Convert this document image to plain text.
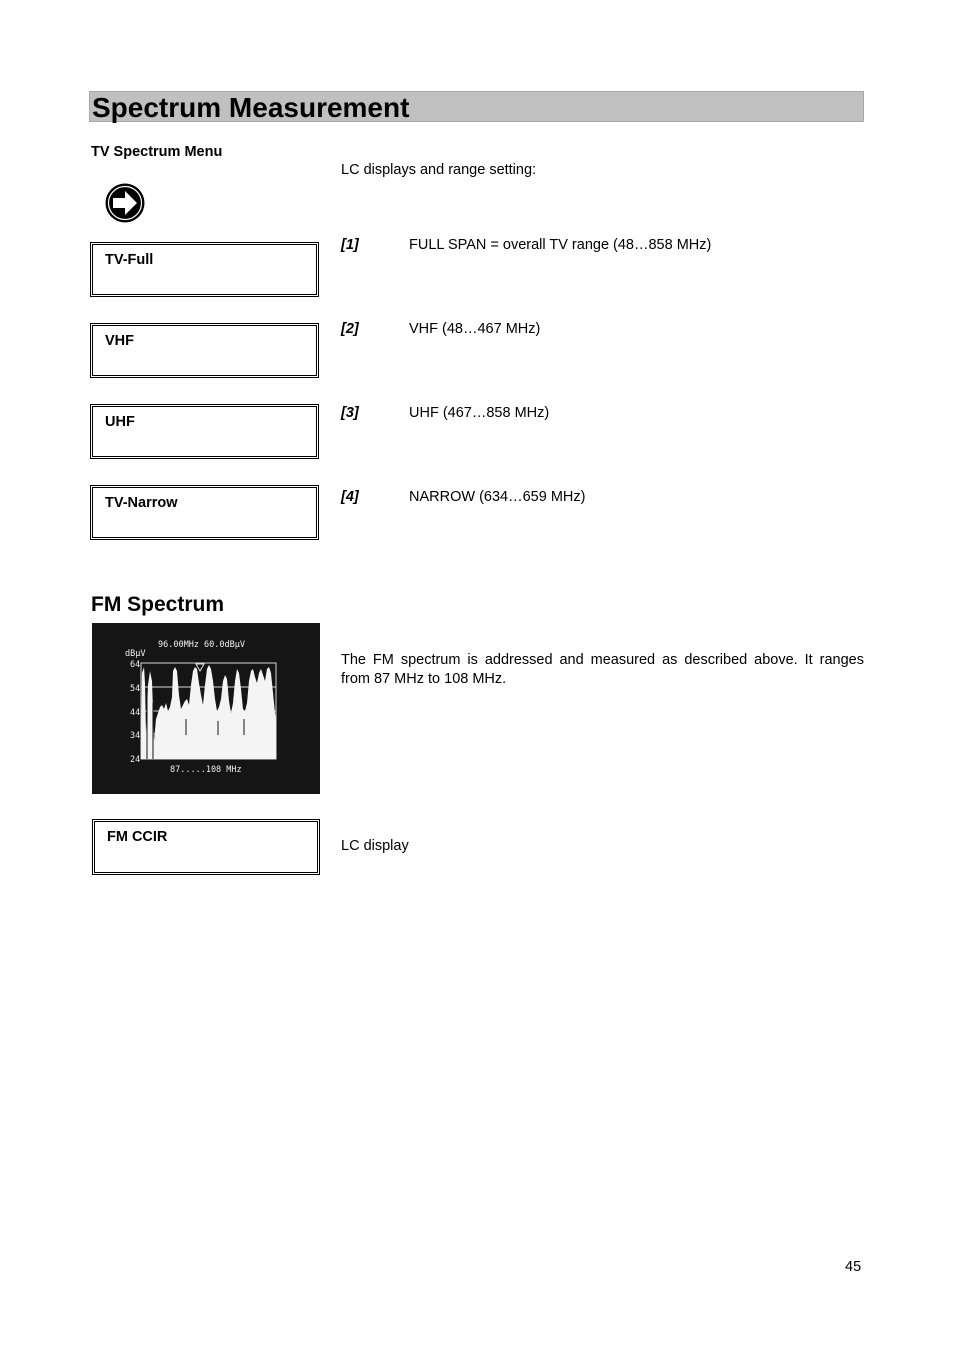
Spectrum Measurement
TV Spectrum Menu
LC displays and range setting:
TV-Full
[1]	FULL SPAN = overall TV range (48…858 MHz)
VHF
[2]	VHF (48…467 MHz)
UHF
[3]	UHF (467…858 MHz)
TV-Narrow	[4]	NARROW (634…659 MHz)
FM Spectrum
96.00MHz 60.0dBµV
dBµV
64
54
44
34
24
87.....108 MHz
The FM spectrum is addressed and measured as described above. It ranges from 87 MHz to 108 MHz.
FM CCIR
LC display
45
